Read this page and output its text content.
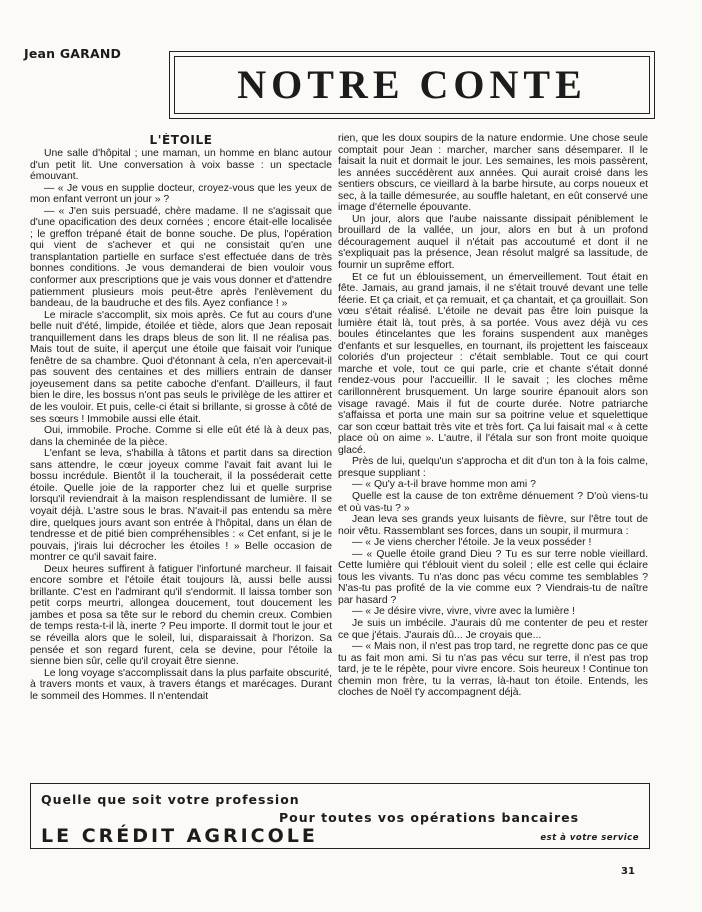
Jean GARAND
NOTRE CONTE
L'ÉTOILE

Une salle d'hôpital ; une maman, un homme en blanc autour d'un petit lit. Une conversation à voix basse : un spectacle émouvant.

— « Je vous en supplie docteur, croyez-vous que les yeux de mon enfant verront un jour » ?

— « J'en suis persuadé, chère madame. Il ne s'agissait que d'une opacification des deux cornées ; encore était-elle localisée ; le greffon trépané était de bonne souche. De plus, l'opération qui vient de s'achever et qui ne consistait qu'en une transplantation partielle en surface s'est effectuée dans de très bonnes conditions. Je vous demanderai de bien vouloir vous conformer aux prescriptions que je vais vous donner et d'attendre patiemment plusieurs mois peut-être après l'enlèvement du bandeau, de la baudruche et des fils. Ayez confiance ! »

Le miracle s'accomplit, six mois après. Ce fut au cours d'une belle nuit d'été, limpide, étoilée et tiède, alors que Jean reposait tranquillement dans les draps bleus de son lit. Il ne réalisa pas. Mais tout de suite, il aperçut une étoile que faisait voir l'unique fenêtre de sa chambre. Quoi d'étonnant à cela, n'en apercevait-il pas souvent des centaines et des milliers entrain de danser joyeusement dans sa petite caboche d'enfant. D'ailleurs, il faut bien le dire, les bossus n'ont pas seuls le privilège de les attirer et de les vouloir. Et puis, celle-ci était si brillante, si grosse à côté de ses sœurs ! Immobile aussi elle était.

Oui, immobile. Proche. Comme si elle eût été là à deux pas, dans la cheminée de la pièce.

L'enfant se leva, s'habilla à tâtons et partit dans sa direction sans attendre, le cœur joyeux comme l'avait fait avant lui le bossu incrédule. Bientôt il la toucherait, il la posséderait cette étoile. Quelle joie de la rapporter chez lui et quelle surprise lorsqu'il reviendrait à la maison resplendissant de lumière. Il se voyait déjà. L'astre sous le bras. N'avait-il pas entendu sa mère dire, quelques jours avant son entrée à l'hôpital, dans un élan de tendresse et de pitié bien compréhensibles : « Cet enfant, si je le pouvais, j'irais lui décrocher les étoiles ! » Belle occasion de montrer ce qu'il savait faire.

Deux heures suffirent à fatiguer l'infortuné marcheur. Il faisait encore sombre et l'étoile était toujours là, aussi belle aussi brillante. C'est en l'admirant qu'il s'endormit. Il laissa tomber son petit corps meurtri, allongea doucement, tout doucement les jambes et posa sa tête sur le rebord du chemin creux. Combien de temps resta-t-il là, inerte ? Peu importe. Il dormit tout le jour et se réveilla alors que le soleil, lui, disparaissait à l'horizon. Sa pensée et son regard furent, cela se devine, pour l'étoile la sienne bien sûr, celle qu'il croyait être sienne.

Le long voyage s'accomplissait dans la plus parfaite obscurité, à travers monts et vaux, à travers étangs et marécages. Durant le sommeil des Hommes. Il n'entendait

rien, que les doux soupirs de la nature endormie. Une chose seule comptait pour Jean : marcher, marcher sans désemparer. Il le faisait la nuit et dormait le jour. Les semaines, les mois passèrent, les années succédèrent aux années. Qui aurait croisé dans les sentiers obscurs, ce vieillard à la barbe hirsute, au corps noueux et sec, à la taille démesurée, au souffle haletant, en eût conservé une image d'éternelle épouvante.

Un jour, alors que l'aube naissante dissipait péniblement le brouillard de la vallée, un jour, alors en but à un profond découragement auquel il n'était pas accoutumé et dont il ne s'expliquait pas la présence, Jean résolut malgré sa lassitude, de fournir un suprême effort.

Et ce fut un éblouissement, un émerveillement. Tout était en fête. Jamais, au grand jamais, il ne s'était trouvé devant une telle féerie. Et ça criait, et ça remuait, et ça chantait, et ça grouillait. Son vœu s'était réalisé. L'étoile ne devait pas être loin puisque la lumière était là, tout près, à sa portée. Vous avez déjà vu ces boules étincelantes que les forains suspendent aux manèges d'enfants et sur lesquelles, en tournant, ils projettent les faisceaux coloriés d'un projecteur : c'était semblable. Tout ce qui court marche et vole, tout ce qui parle, crie et chante s'était donné rendez-vous pour l'accueillir. Il le savait ; les cloches même carillonnèrent brusquement. Un large sourire épanouit alors son visage ravagé. Mais il fut de courte durée. Notre patriarche s'affaissa et porta une main sur sa poitrine velue et squelettique car son cœur battait très vite et très fort. Ça lui faisait mal « à cette place où on aime ». L'autre, il l'étala sur son front moite quoique glacé.

Près de lui, quelqu'un s'approcha et dit d'un ton à la fois calme, presque suppliant :

— « Qu'y a-t-il brave homme mon ami ?

Quelle est la cause de ton extrême dénuement ? D'où viens-tu et où vas-tu ? »

Jean leva ses grands yeux luisants de fièvre, sur l'être tout de noir vêtu. Rassemblant ses forces, dans un soupir, il murmura :

— « Je viens chercher l'étoile. Je la veux posséder !

— « Quelle étoile grand Dieu ? Tu es sur terre noble vieillard. Cette lumière qui t'éblouit vient du soleil ; elle est celle qui éclaire tous les vivants. Tu n'as donc pas vécu comme tes semblables ? N'as-tu pas profité de la vie comme eux ? Viendrais-tu de naître par hasard ?

— « Je désire vivre, vivre, vivre avec la lumière !

Je suis un imbécile. J'aurais dû me contenter de peu et rester ce que j'étais. J'aurais dû... Je croyais que...

— « Mais non, il n'est pas trop tard, ne regrette donc pas ce que tu as fait mon ami. Si tu n'as pas vécu sur terre, il n'est pas trop tard, je te le répète, pour vivre encore. Sois heureux ! Continue ton chemin mon frère, tu la verras, là-haut ton étoile. Entends, les cloches de Noël t'y accompagnent déjà.

Quelle que soit votre profession
Pour toutes vos opérations bancaires
LE CRÉDIT AGRICOLE	est à votre service
31
